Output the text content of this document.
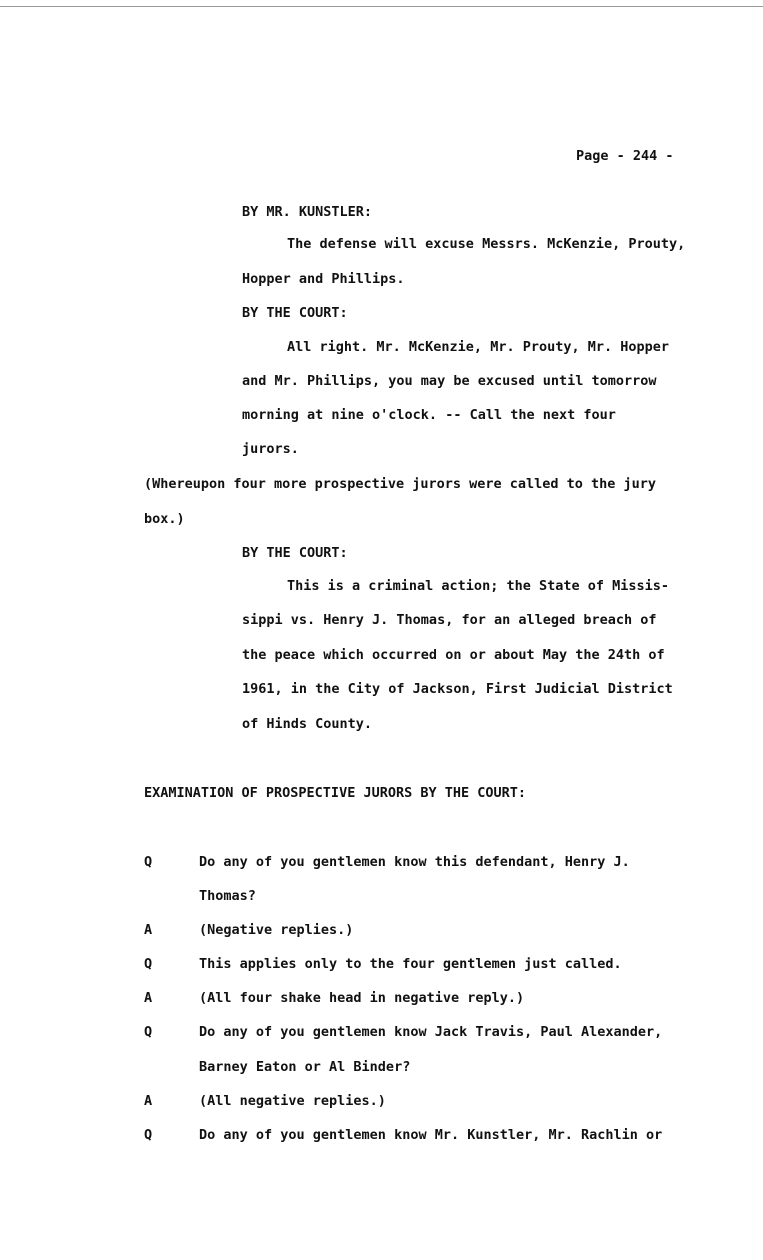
Page - 244 -
BY MR. KUNSTLER:
The defense will excuse Messrs. McKenzie, Prouty,
Hopper and Phillips.
BY THE COURT:
All right. Mr. McKenzie, Mr. Prouty, Mr. Hopper
and Mr. Phillips, you may be excused until tomorrow
morning at nine o'clock. -- Call the next four
jurors.
(Whereupon four more prospective jurors were called to the jury
box.)
BY THE COURT:
This is a criminal action; the State of Missis-
sippi vs. Henry J. Thomas, for an alleged breach of
the peace which occurred on or about May the 24th of
1961, in the City of Jackson, First Judicial District
of Hinds County.
EXAMINATION OF PROSPECTIVE JURORS BY THE COURT:
Q	Do any of you gentlemen know this defendant, Henry J.
Thomas?
A	(Negative replies.)
Q	This applies only to the four gentlemen just called.
A	(All four shake head in negative reply.)
Q	Do any of you gentlemen know Jack Travis, Paul Alexander,
Barney Eaton or Al Binder?
A	(All negative replies.)
Q	Do any of you gentlemen know Mr. Kunstler, Mr. Rachlin or
